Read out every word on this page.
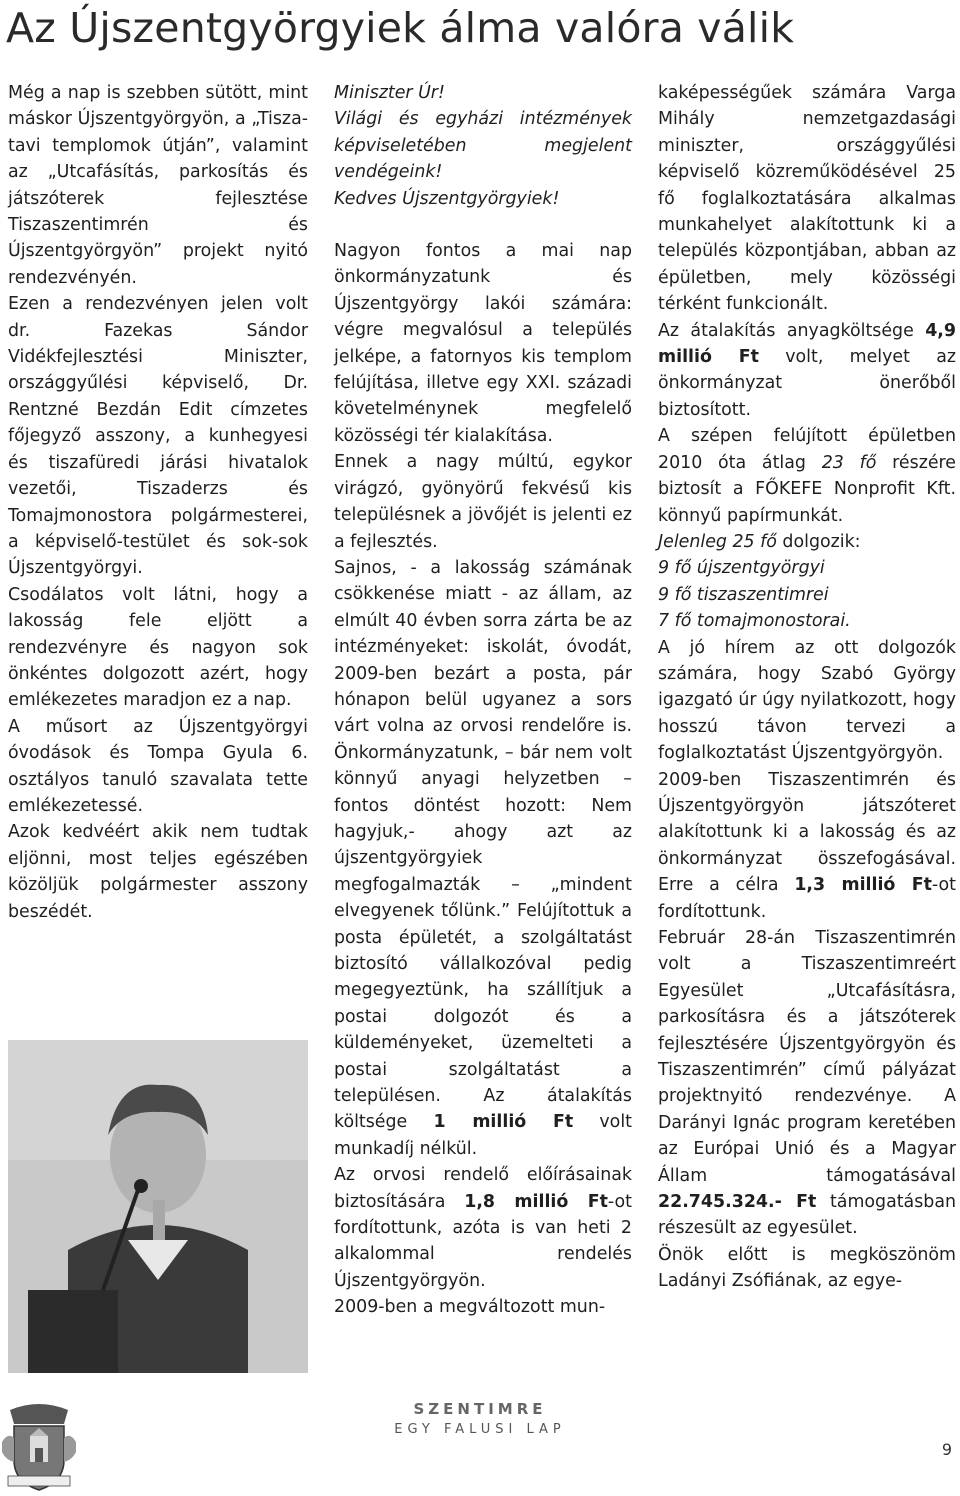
Az Újszentgyörgyiek álma valóra válik

Még a nap is szebben sütött, mint máskor Újszentgyörgyön, a „Tisza-tavi templomok útján”, valamint az „Utcafásítás, parkosítás és játszóterek fejlesztése Tiszaszentimrén és Újszentgyörgyön” projekt nyitó rendezvényén.

Ezen a rendezvényen jelen volt dr. Fazekas Sándor Vidékfejlesztési Miniszter, országgyűlési képviselő, Dr. Rentzné Bezdán Edit címzetes főjegyző asszony, a kunhegyesi és tiszafüredi járási hivatalok vezetői, Tiszaderzs és Tomajmonostora polgármesterei, a képviselő-testület és sok-sok Újszentgyörgyi.

Csodálatos volt látni, hogy a lakosság fele eljött a rendezvényre és nagyon sok önkéntes dolgozott azért, hogy emlékezetes maradjon ez a nap.

A műsort az Újszentgyörgyi óvodások és Tompa Gyula 6. osztályos tanuló szavalata tette emlékezetessé.

Azok kedvéért akik nem tudtak eljönni, most teljes egészében közöljük polgármester asszony beszédét.

Miniszter Úr!

Világi és egyházi intézmények képviseletében megjelent vendégeink!

Kedves Újszentgyörgyiek!

Nagyon fontos a mai nap önkormányzatunk és Újszentgyörgy lakói számára: végre megvalósul a település jelképe, a fatornyos kis templom felújítása, illetve egy XXI. századi követelménynek megfelelő közösségi tér kialakítása.

Ennek a nagy múltú, egykor virágzó, gyönyörű fekvésű kis településnek a jövőjét is jelenti ez a fejlesztés.

Sajnos, - a lakosság számának csökkenése miatt - az állam, az elmúlt 40 évben sorra zárta be az intézményeket: iskolát, óvodát, 2009-ben bezárt a posta, pár hónapon belül ugyanez a sors várt volna az orvosi rendelőre is. Önkormányzatunk, – bár nem volt könnyű anyagi helyzetben – fontos döntést hozott: Nem hagyjuk,- ahogy azt az újszentgyörgyiek megfogalmazták – „mindent elvegyenek tőlünk.” Felújítottuk a posta épületét, a szolgáltatást biztosító vállalkozóval pedig megegyeztünk, ha szállítjuk a postai dolgozót és a küldeményeket, üzemelteti a postai szolgáltatást a településen. Az átalakítás költsége 1 millió Ft volt munkadíj nélkül.

Az orvosi rendelő előírásainak biztosítására 1,8 millió Ft-ot fordítottunk, azóta is van heti 2 alkalommal rendelés Újszentgyörgyön.

2009-ben a megváltozott mun-

kaképességűek számára Varga Mihály nemzetgazdasági miniszter, országgyűlési képviselő közreműködésével 25 fő foglalkoztatására alkalmas munkahelyet alakítottunk ki a település központjában, abban az épületben, mely közösségi térként funkcionált.

Az átalakítás anyagköltsége 4,9 millió Ft volt, melyet az önkormányzat önerőből biztosított.

A szépen felújított épületben 2010 óta átlag 23 fő részére biztosít a FŐKEFE Nonprofit Kft. könnyű papírmunkát.

Jelenleg 25 fő dolgozik:

9 fő újszentgyörgyi

9 fő tiszaszentimrei

7 fő tomajmonostorai.

A jó hírem az ott dolgozók számára, hogy Szabó György igazgató úr úgy nyilatkozott, hogy hosszú távon tervezi a foglalkoztatást Újszentgyörgyön.

2009-ben Tiszaszentimrén és Újszentgyörgyön játszóteret alakítottunk ki a lakosság és az önkormányzat összefogásával. Erre a célra 1,3 millió Ft-ot fordítottunk.

Február 28-án Tiszaszentimrén volt a Tiszaszentimreért Egyesület „Utcafásításra, parkosításra és a játszóterek fejlesztésére Újszentgyörgyön és Tiszaszentimrén” című pályázat projektnyitó rendezvénye. A Darányi Ignác program keretében az Európai Unió és a Magyar Állam támogatásával 22.745.324.- Ft támogatásban részesült az egyesület.

Önök előtt is megköszönöm Ladányi Zsófiának, az egye-

SZENTIMRE
EGY FALUSI LAP
9
